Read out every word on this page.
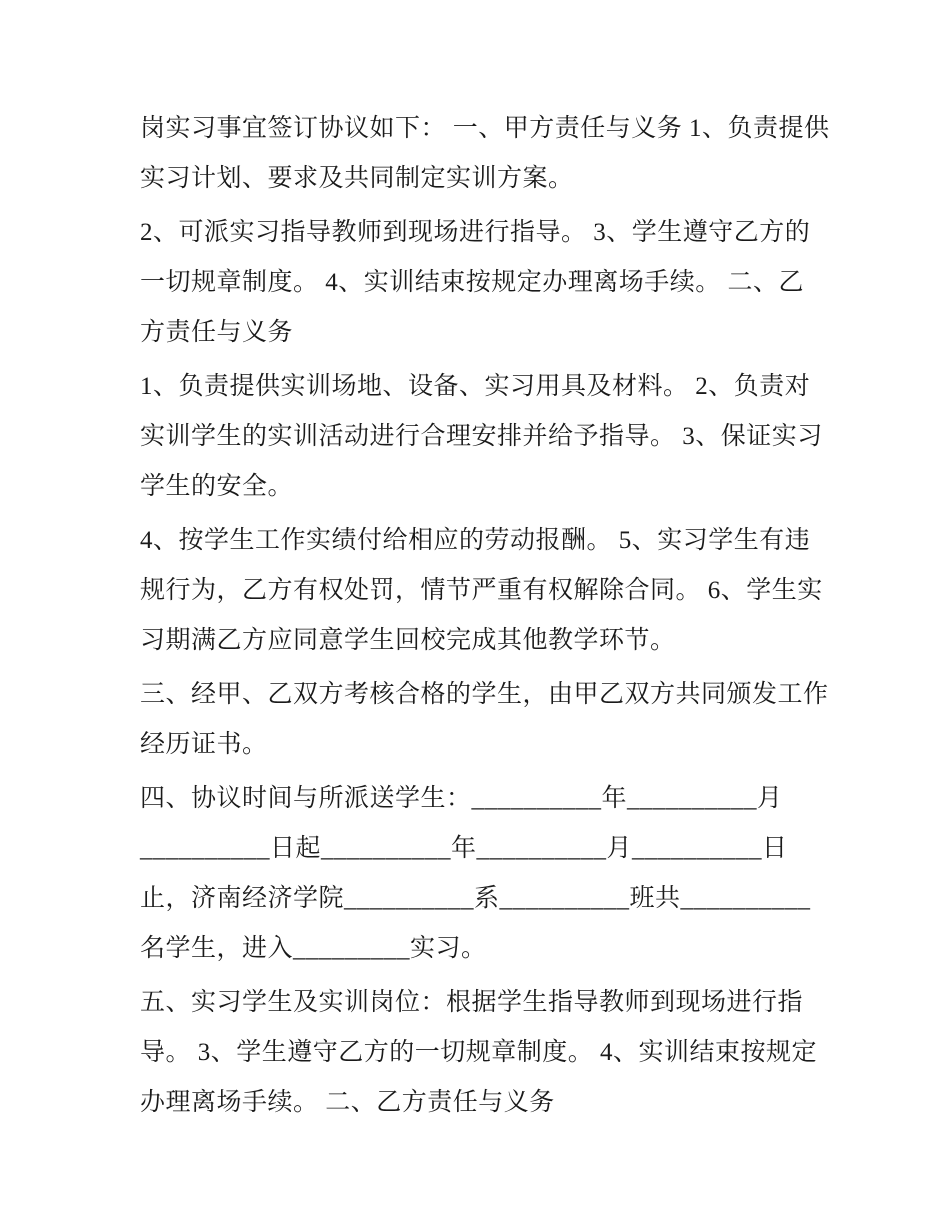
岗实习事宜签订协议如下： 一、甲方责任与义务 1、负责提供
实习计划、要求及共同制定实训方案。
2、可派实习指导教师到现场进行指导。 3、学生遵守乙方的
一切规章制度。 4、实训结束按规定办理离场手续。 二、乙
方责任与义务
1、负责提供实训场地、设备、实习用具及材料。 2、负责对
实训学生的实训活动进行合理安排并给予指导。 3、保证实习
学生的安全。
4、按学生工作实绩付给相应的劳动报酬。 5、实习学生有违
规行为，乙方有权处罚，情节严重有权解除合同。 6、学生实
习期满乙方应同意学生回校完成其他教学环节。
三、经甲、乙双方考核合格的学生，由甲乙双方共同颁发工作
经历证书。
四、协议时间与所派送学生：__________年__________月
__________日起__________年__________月__________日
止，济南经济学院__________系__________班共__________
名学生，进入_________实习。
五、实习学生及实训岗位：根据学生指导教师到现场进行指
导。 3、学生遵守乙方的一切规章制度。 4、实训结束按规定
办理离场手续。 二、乙方责任与义务
